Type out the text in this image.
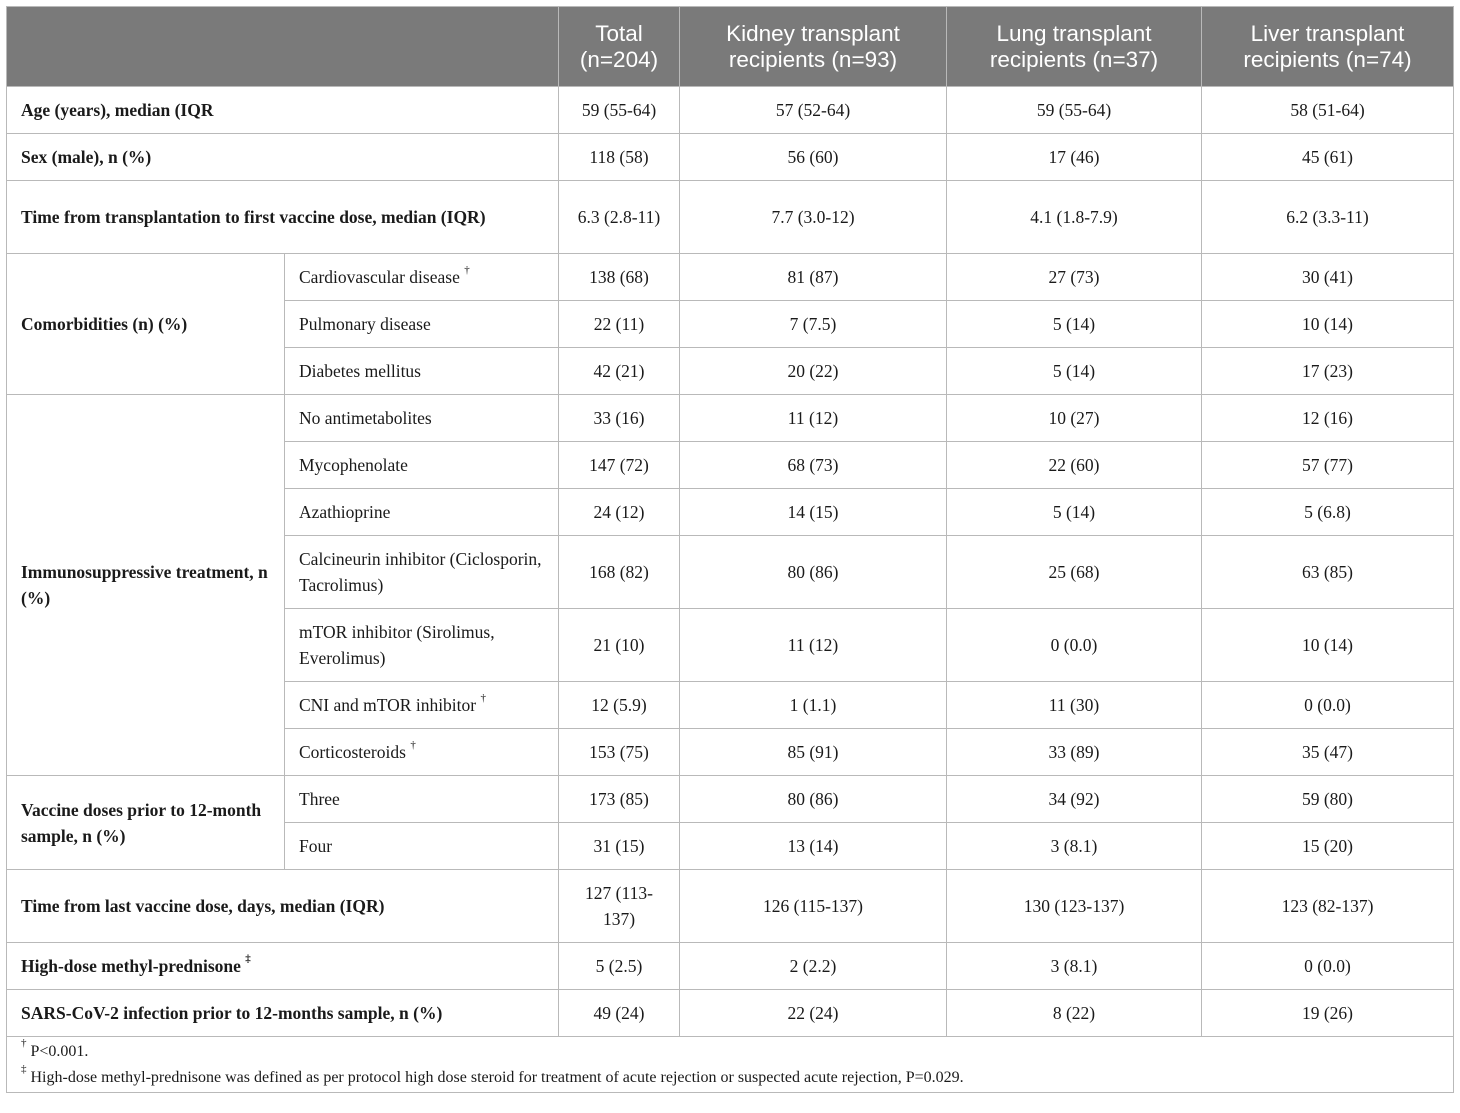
		Total (n=204)	Kidney transplant recipients (n=93)	Lung transplant recipients (n=37)	Liver transplant recipients (n=74)
Age (years), median (IQR		59 (55-64)	57 (52-64)	59 (55-64)	58 (51-64)
Sex (male), n (%)		118 (58)	56 (60)	17 (46)	45 (61)
Time from transplantation to first vaccine dose, median (IQR)		6.3 (2.8-11)	7.7 (3.0-12)	4.1 (1.8-7.9)	6.2 (3.3-11)
Comorbidities (n) (%)	Cardiovascular disease †	138 (68)	81 (87)	27 (73)	30 (41)
	Pulmonary disease	22 (11)	7 (7.5)	5 (14)	10 (14)
	Diabetes mellitus	42 (21)	20 (22)	5 (14)	17 (23)
Immunosuppressive treatment, n (%)	No antimetabolites	33 (16)	11 (12)	10 (27)	12 (16)
	Mycophenolate	147 (72)	68 (73)	22 (60)	57 (77)
	Azathioprine	24 (12)	14 (15)	5 (14)	5 (6.8)
	Calcineurin inhibitor (Ciclosporin, Tacrolimus)	168 (82)	80 (86)	25 (68)	63 (85)
	mTOR inhibitor (Sirolimus, Everolimus)	21 (10)	11 (12)	0 (0.0)	10 (14)
	CNI and mTOR inhibitor †	12 (5.9)	1 (1.1)	11 (30)	0 (0.0)
	Corticosteroids †	153 (75)	85 (91)	33 (89)	35 (47)
Vaccine doses prior to 12-month sample, n (%)	Three	173 (85)	80 (86)	34 (92)	59 (80)
	Four	31 (15)	13 (14)	3 (8.1)	15 (20)
Time from last vaccine dose, days, median (IQR)		127 (113-137)	126 (115-137)	130 (123-137)	123 (82-137)
High-dose methyl-prednisone ‡		5 (2.5)	2 (2.2)	3 (8.1)	0 (0.0)
SARS-CoV-2 infection prior to 12-months sample, n (%)		49 (24)	22 (24)	8 (22)	19 (26)

† P<0.001.
‡ High-dose methyl-prednisone was defined as per protocol high dose steroid for treatment of acute rejection or suspected acute rejection, P=0.029.					
